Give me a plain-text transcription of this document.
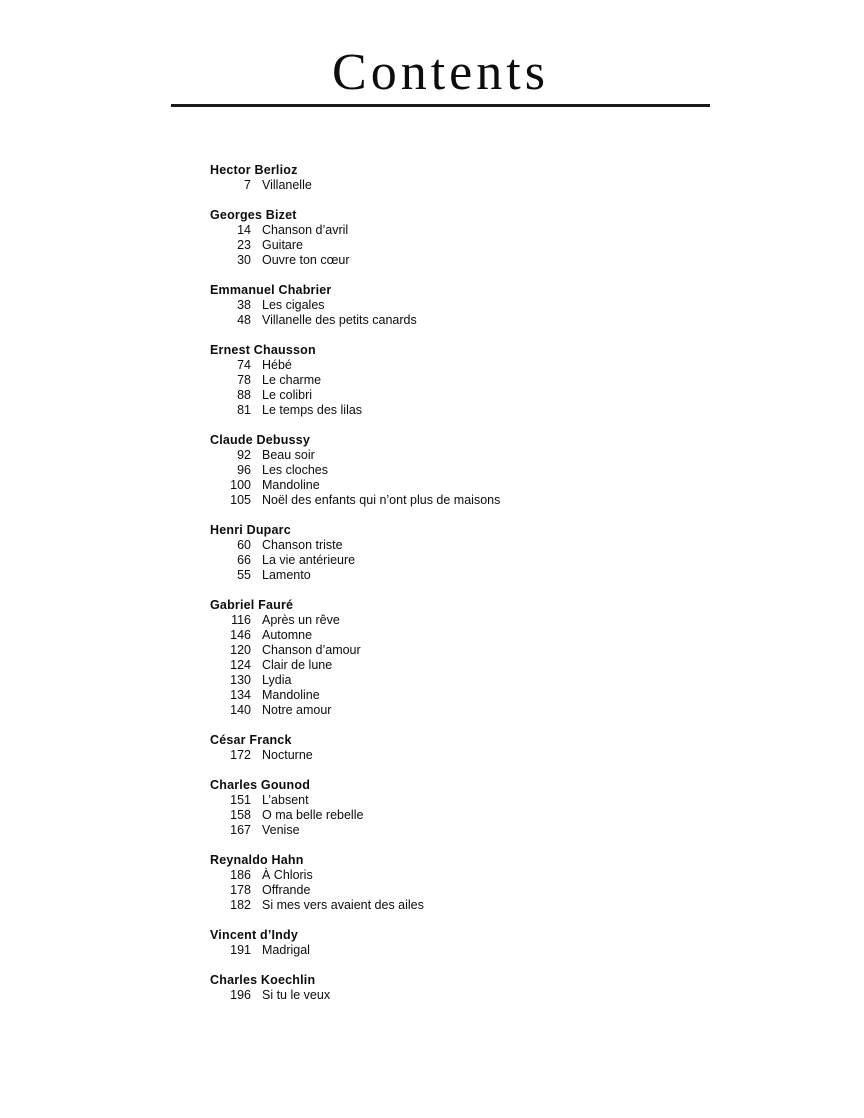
Contents
Hector Berlioz
7 Villanelle
Georges Bizet
14 Chanson d’avril
23 Guitare
30 Ouvre ton cœur
Emmanuel Chabrier
38 Les cigales
48 Villanelle des petits canards
Ernest Chausson
74 Hébé
78 Le charme
88 Le colibri
81 Le temps des lilas
Claude Debussy
92 Beau soir
96 Les cloches
100 Mandoline
105 Noël des enfants qui n’ont plus de maisons
Henri Duparc
60 Chanson triste
66 La vie antérieure
55 Lamento
Gabriel Fauré
116 Après un rêve
146 Automne
120 Chanson d’amour
124 Clair de lune
130 Lydia
134 Mandoline
140 Notre amour
César Franck
172 Nocturne
Charles Gounod
151 L’absent
158 O ma belle rebelle
167 Venise
Reynaldo Hahn
186 À Chloris
178 Offrande
182 Si mes vers avaient des ailes
Vincent d’Indy
191 Madrigal
Charles Koechlin
196 Si tu le veux
